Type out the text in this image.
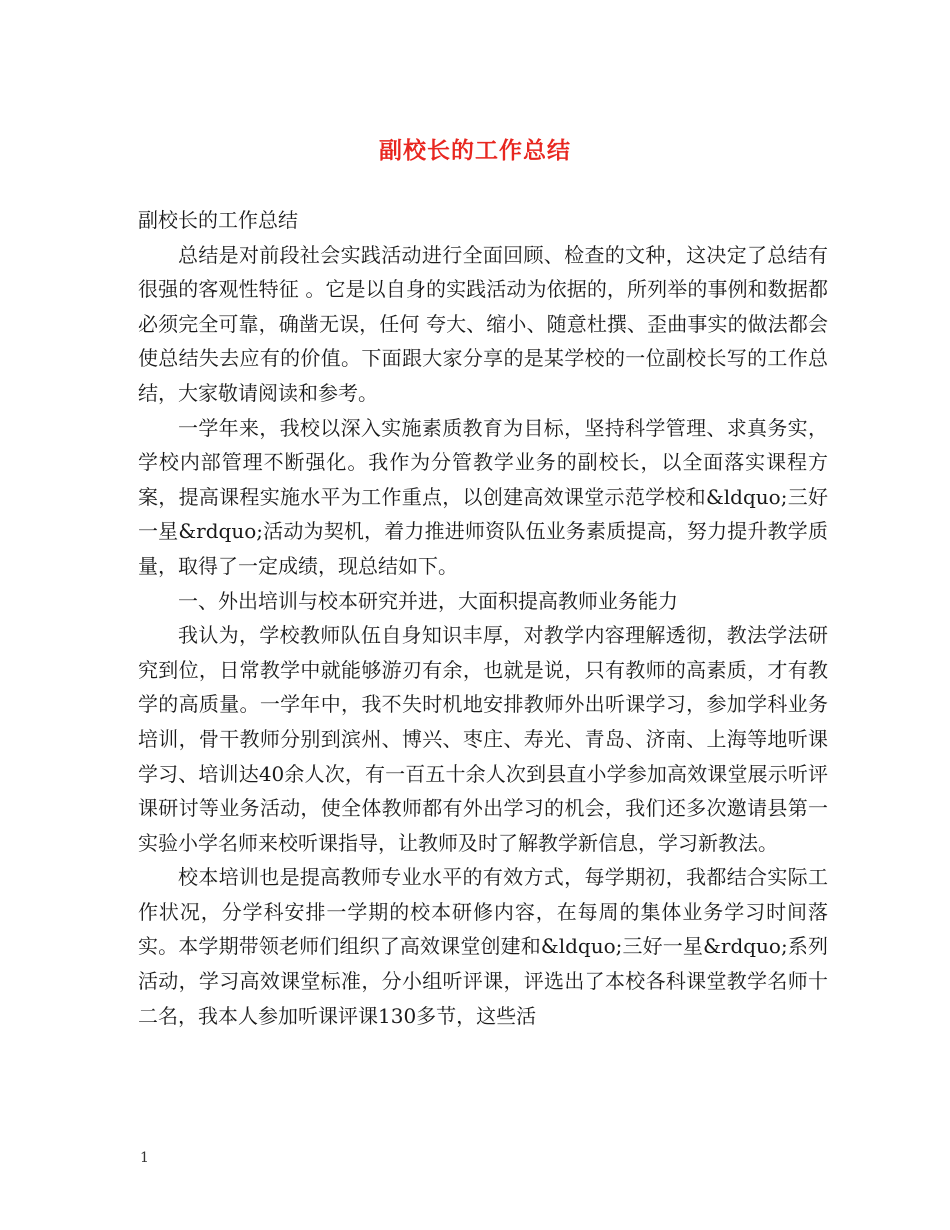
副校长的工作总结

副校长的工作总结

总结是对前段社会实践活动进行全面回顾、检查的文种，这决定了总结有很强的客观性特征 。它是以自身的实践活动为依据的，所列举的事例和数据都必须完全可靠，确凿无误，任何 夸大、缩小、随意杜撰、歪曲事实的做法都会使总结失去应有的价值。下面跟大家分享的是某学校的一位副校长写的工作总结，大家敬请阅读和参考。

一学年来，我校以深入实施素质教育为目标，坚持科学管理、求真务实，学校内部管理不断强化。我作为分管教学业务的副校长，以全面落实课程方案，提高课程实施水平为工作重点，以创建高效课堂示范学校和&ldquo;三好一星&rdquo;活动为契机，着力推进师资队伍业务素质提高，努力提升教学质量，取得了一定成绩，现总结如下。

一、外出培训与校本研究并进，大面积提高教师业务能力

我认为，学校教师队伍自身知识丰厚，对教学内容理解透彻，教法学法研究到位，日常教学中就能够游刃有余，也就是说，只有教师的高素质，才有教学的高质量。一学年中，我不失时机地安排教师外出听课学习，参加学科业务培训，骨干教师分别到滨州、博兴、枣庄、寿光、青岛、济南、上海等地听课学习、培训达40余人次，有一百五十余人次到县直小学参加高效课堂展示听评课研讨等业务活动，使全体教师都有外出学习的机会，我们还多次邀请县第一实验小学名师来校听课指导，让教师及时了解教学新信息，学习新教法。

校本培训也是提高教师专业水平的有效方式，每学期初，我都结合实际工作状况，分学科安排一学期的校本研修内容，在每周的集体业务学习时间落实。本学期带领老师们组织了高效课堂创建和&ldquo;三好一星&rdquo;系列活动，学习高效课堂标准，分小组听评课，评选出了本校各科课堂教学名师十二名，我本人参加听课评课130多节，这些活

1
